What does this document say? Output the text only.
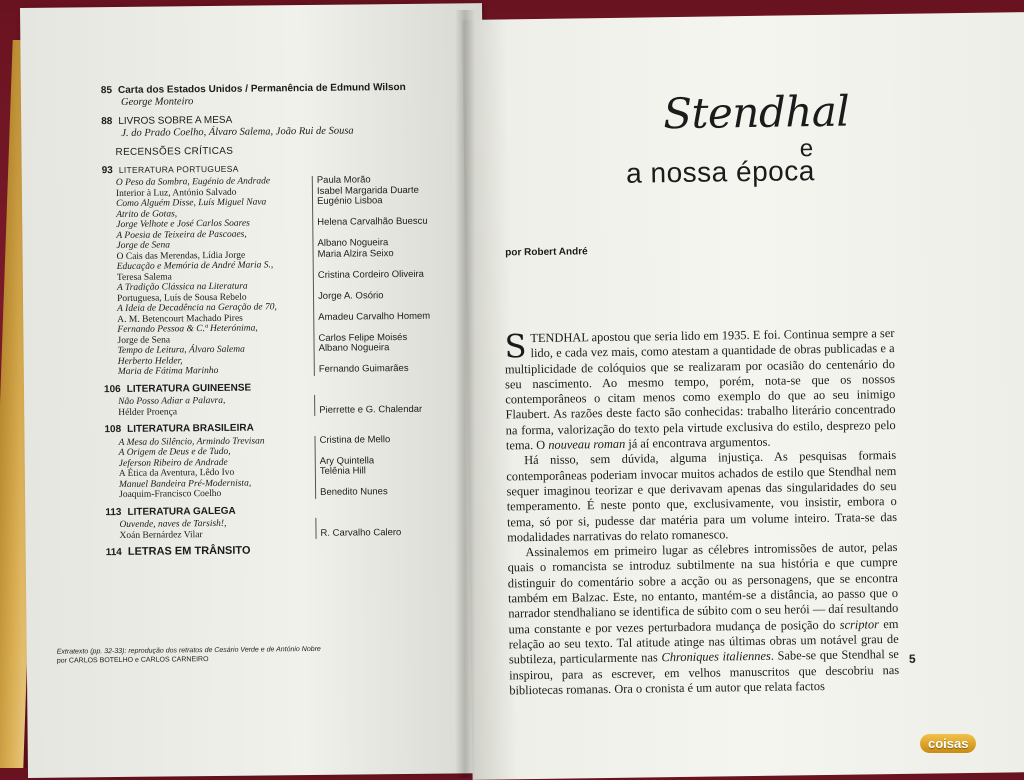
85 Carta dos Estados Unidos / Permanência de Edmund Wilson
George Monteiro
88 LIVROS SOBRE A MESA
J. do Prado Coelho, Álvaro Salema, João Rui de Sousa
RECENSÕES CRÍTICAS
93 LITERATURA PORTUGUESA
O Peso da Sombra, Eugénio de Andrade
Interior à Luz, António Salvado
Como Alguém Disse, Luís Miguel Nava
Atrito de Gotas,
Jorge Velhote e José Carlos Soares
A Poesia de Teixeira de Pascoaes,
Jorge de Sena
O Cais das Merendas, Lídia Jorge
Educação e Memória de André Maria S.,
Teresa Salema
A Tradição Clássica na Literatura
Portuguesa, Luís de Sousa Rebelo
A Ideia de Decadência na Geração de 70,
A. M. Betencourt Machado Pires
Fernando Pessoa & C.ª Heterónima,
Jorge de Sena
Tempo de Leitura, Álvaro Salema
Herberto Helder,
Maria de Fátima Marinho
Paula Morão
Isabel Margarida Duarte
Eugénio Lisboa

Helena Carvalhão Buescu

Albano Nogueira
Maria Alzira Seixo

Cristina Cordeiro Oliveira

Jorge A. Osório

Amadeu Carvalho Homem

Carlos Felipe Moisés
Albano Nogueira

Fernando Guimarães
106 LITERATURA GUINEENSE
Não Posso Adiar a Palavra,
Hélder Proença
	Pierrette e G. Chalendar
108 LITERATURA BRASILEIRA
A Mesa do Silêncio, Armindo Trevisan
A Origem de Deus e de Tudo,
Jeferson Ribeiro de Andrade
A Ética da Aventura, Lêdo Ivo
Manuel Bandeira Pré-Modernista,
Joaquim-Francisco Coelho
Cristina de Mello

Ary Quintella
Telênia Hill

Benedito Nunes
113 LITERATURA GALEGA
Ouvende, naves de Tarsish!,
Xoán Bernárdez Vilar
	R. Carvalho Calero
114 LETRAS EM TRÂNSITO
Extratexto (pp. 32-33): reprodução dos retratos de Cesário Verde e de António Nobre
por CARLOS BOTELHO e CARLOS CARNEIRO
Stendhal
e
a nossa época
por Robert André

STENDHAL apostou que seria lido em 1935. E foi. Continua sempre a ser lido, e cada vez mais, como atestam a quantidade de obras publicadas e a multiplicidade de colóquios que se realizaram por ocasião do centenário do seu nascimento. Ao mesmo tempo, porém, nota-se que os nossos contemporâneos o citam menos como exemplo do que ao seu inimigo Flaubert. As razões deste facto são conhecidas: trabalho literário concentrado na forma, valorização do texto pela virtude exclusiva do estilo, desprezo pelo tema. O nouveau roman já aí encontrava argumentos.

Há nisso, sem dúvida, alguma injustiça. As pesquisas formais contemporâneas poderiam invocar muitos achados de estilo que Stendhal nem sequer imaginou teorizar e que derivavam apenas das singularidades do seu temperamento. É neste ponto que, exclusivamente, vou insistir, embora o tema, só por si, pudesse dar matéria para um volume inteiro. Trata-se das modalidades narrativas do relato romanesco.

Assinalemos em primeiro lugar as célebres intromissões de autor, pelas quais o romancista se introduz subtilmente na sua história e que cumpre distinguir do comentário sobre a acção ou as personagens, que se encontra também em Balzac. Este, no entanto, mantém-se a distância, ao passo que o narrador stendhaliano se identifica de súbito com o seu herói — daí resultando uma constante e por vezes perturbadora mudança de posição do scriptor em relação ao seu texto. Tal atitude atinge nas últimas obras um notável grau de subtileza, particularmente nas Chroniques italiennes. Sabe-se que Stendhal se inspirou, para as escrever, em velhos manuscritos que descobriu nas bibliotecas romanas. Ora o cronista é um autor que relata factos

5
coisas
